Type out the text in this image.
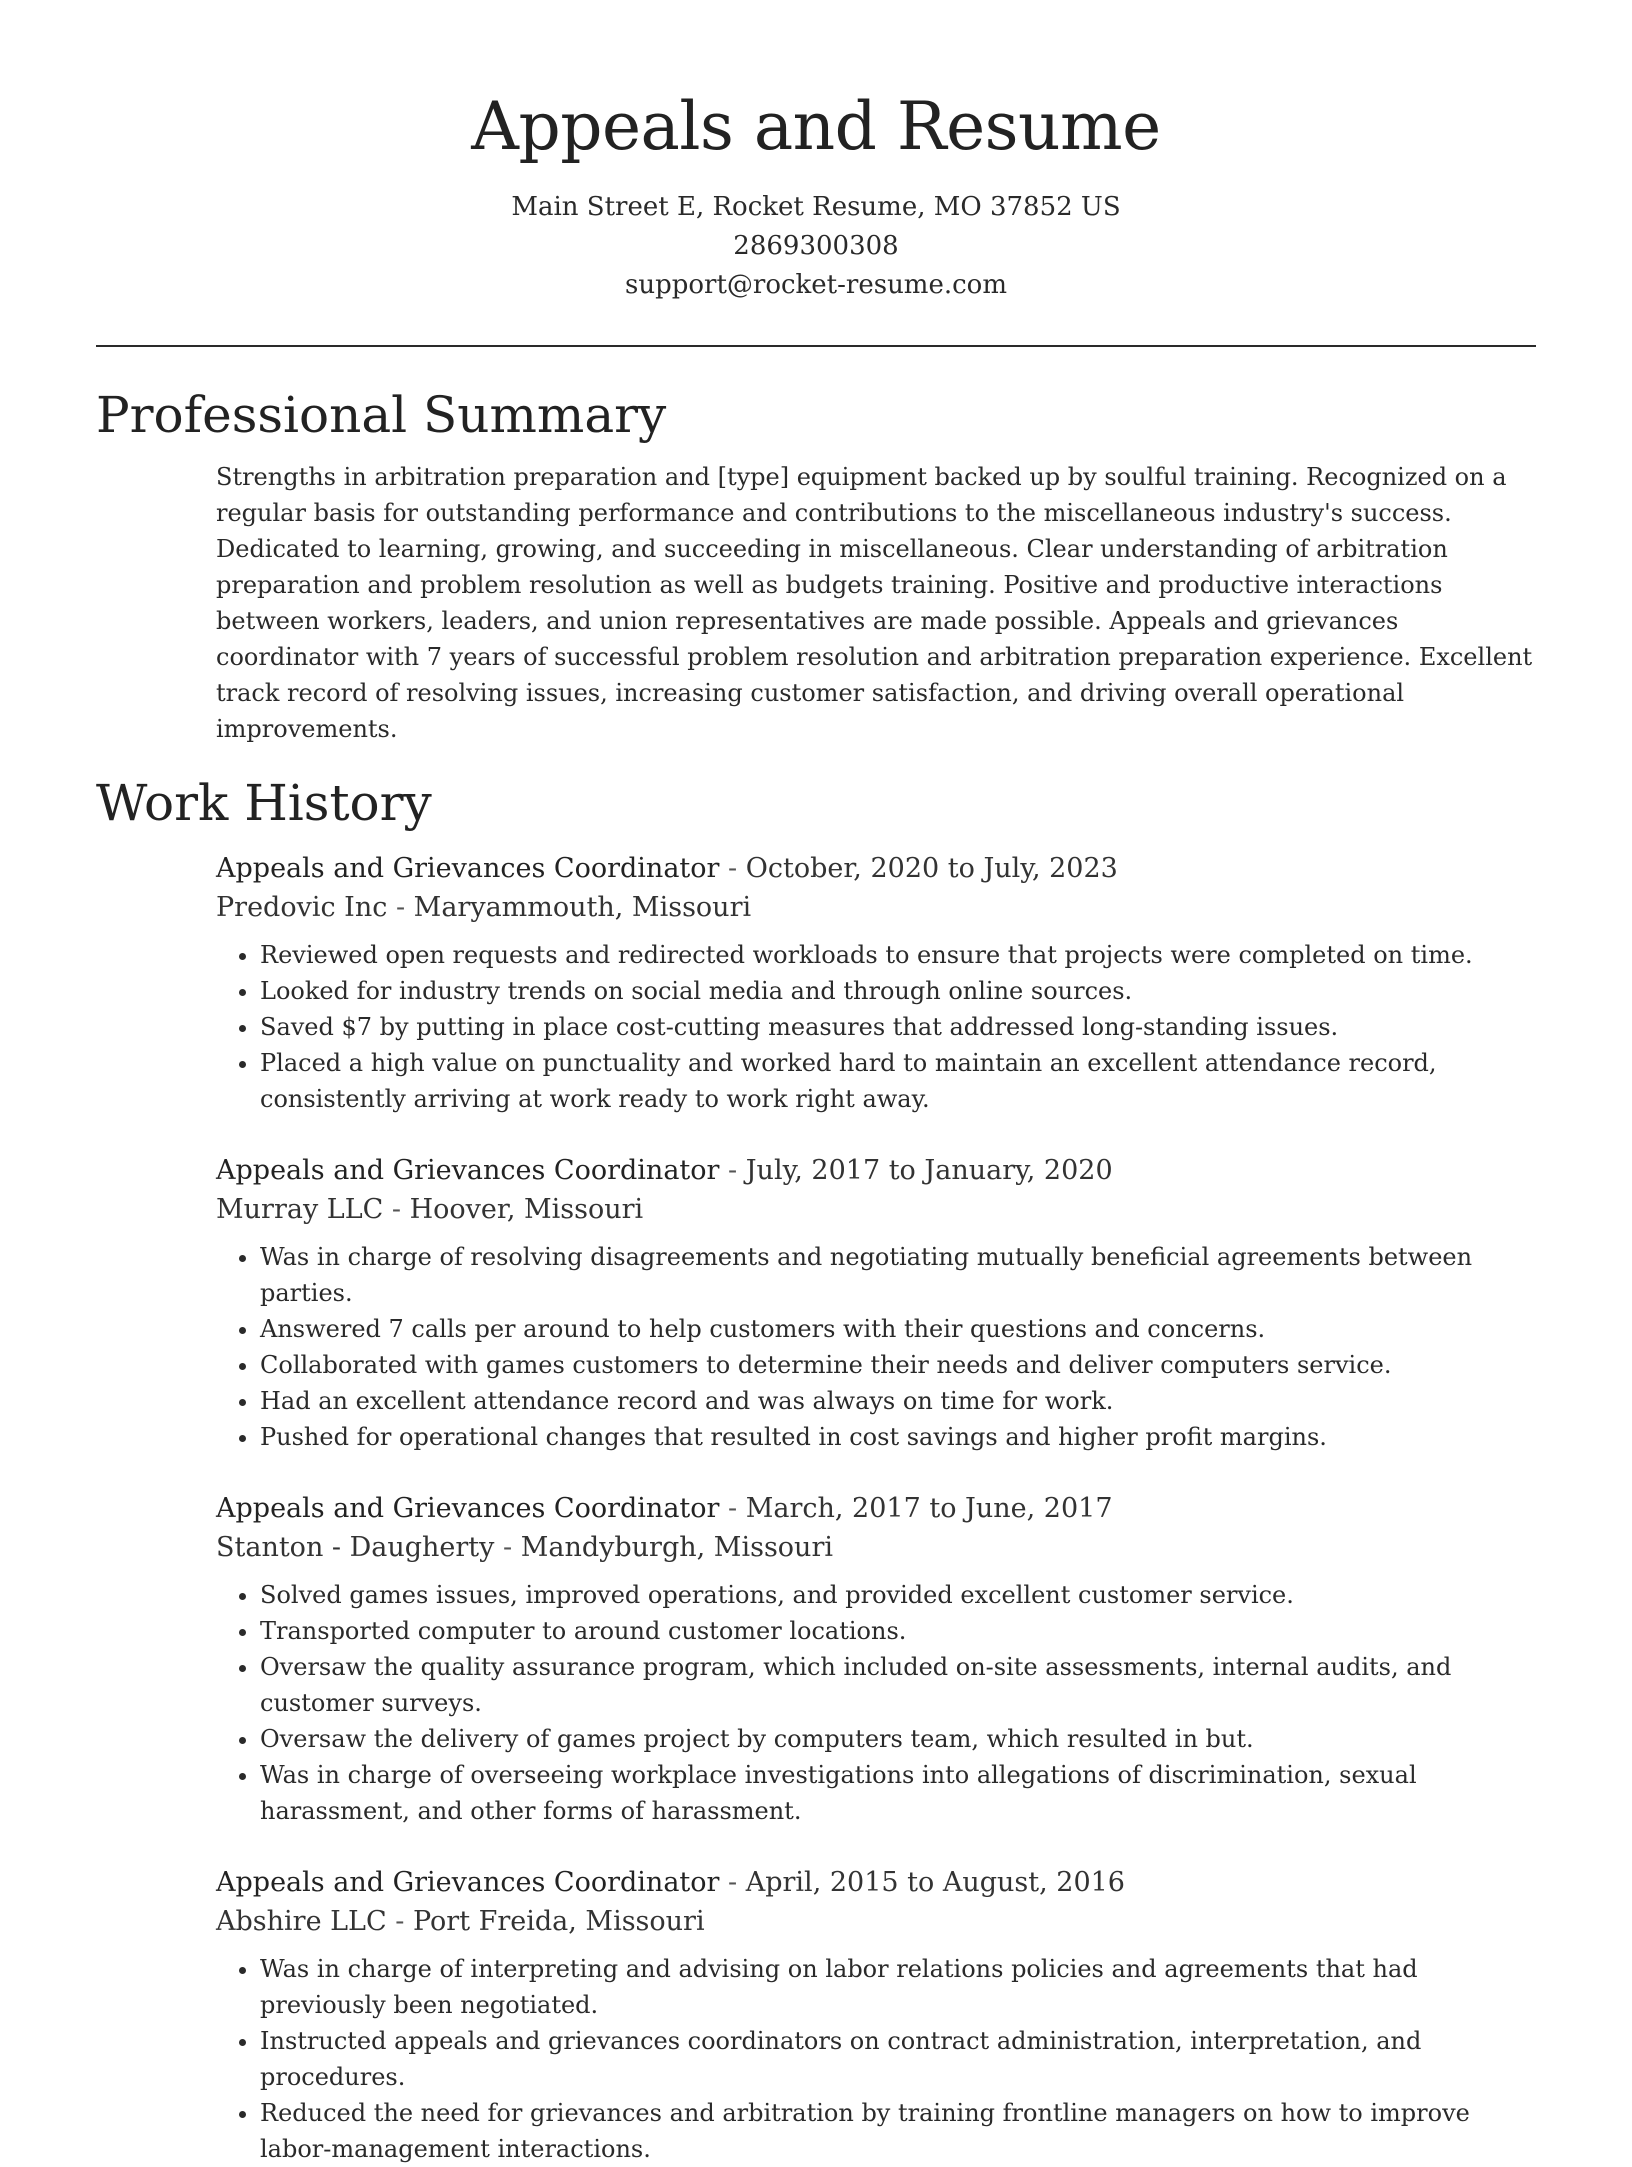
Appeals and Resume
Main Street E, Rocket Resume, MO 37852 US
2869300308
support@rocket-resume.com
Professional Summary

Strengths in arbitration preparation and [type] equipment backed up by soulful training. Recognized on a regular basis for outstanding performance and contributions to the miscellaneous industry's success. Dedicated to learning, growing, and succeeding in miscellaneous. Clear understanding of arbitration preparation and problem resolution as well as budgets training. Positive and productive interactions between workers, leaders, and union representatives are made possible. Appeals and grievances coordinator with 7 years of successful problem resolution and arbitration preparation experience. Excellent track record of resolving issues, increasing customer satisfaction, and driving overall operational improvements.

Work History
Appeals and Grievances Coordinator - October, 2020 to July, 2023
Predovic Inc - Maryammouth, Missouri
• Reviewed open requests and redirected workloads to ensure that projects were completed on time.
• Looked for industry trends on social media and through online sources.
• Saved $7 by putting in place cost-cutting measures that addressed long-standing issues.
• Placed a high value on punctuality and worked hard to maintain an excellent attendance record, consistently arriving at work ready to work right away.
Appeals and Grievances Coordinator - July, 2017 to January, 2020
Murray LLC - Hoover, Missouri
• Was in charge of resolving disagreements and negotiating mutually beneficial agreements between parties.
• Answered 7 calls per around to help customers with their questions and concerns.
• Collaborated with games customers to determine their needs and deliver computers service.
• Had an excellent attendance record and was always on time for work.
• Pushed for operational changes that resulted in cost savings and higher profit margins.
Appeals and Grievances Coordinator - March, 2017 to June, 2017
Stanton - Daugherty - Mandyburgh, Missouri
• Solved games issues, improved operations, and provided excellent customer service.
• Transported computer to around customer locations.
• Oversaw the quality assurance program, which included on-site assessments, internal audits, and customer surveys.
• Oversaw the delivery of games project by computers team, which resulted in but.
• Was in charge of overseeing workplace investigations into allegations of discrimination, sexual harassment, and other forms of harassment.
Appeals and Grievances Coordinator - April, 2015 to August, 2016
Abshire LLC - Port Freida, Missouri
• Was in charge of interpreting and advising on labor relations policies and agreements that had previously been negotiated.
• Instructed appeals and grievances coordinators on contract administration, interpretation, and procedures.
• Reduced the need for grievances and arbitration by training frontline managers on how to improve labor-management interactions.
